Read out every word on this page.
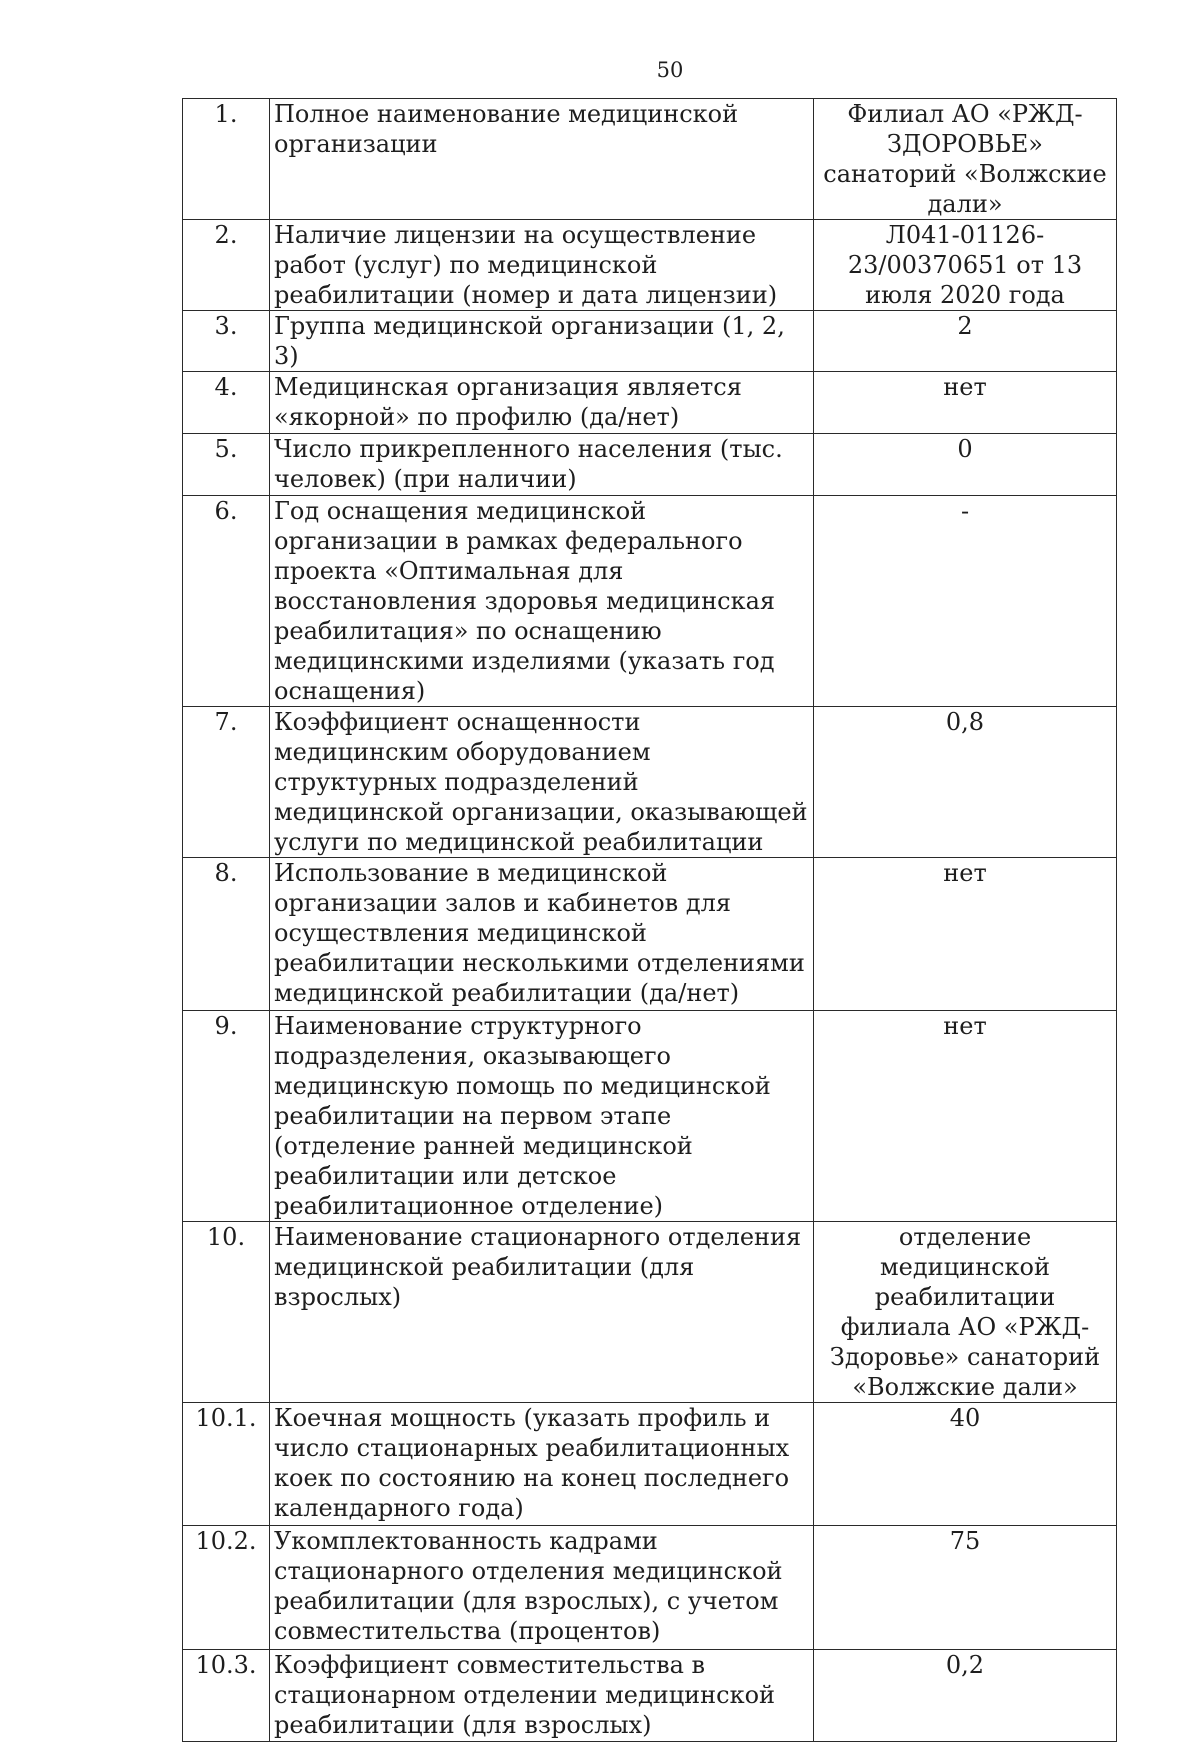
50
1.	Полное наименование медицинской организации	Филиал АО «РЖД-ЗДОРОВЬЕ» санаторий «Волжские дали»
2.	Наличие лицензии на осуществление работ (услуг) по медицинской реабилитации (номер и дата лицензии)	Л041-01126-23/00370651 от 13 июля 2020 года
3.	Группа медицинской организации (1, 2, 3)	2
4.	Медицинская организация является «якорной» по профилю (да/нет)	нет
5.	Число прикрепленного населения (тыс. человек) (при наличии)	0
6.	Год оснащения медицинской организации в рамках федерального проекта «Оптимальная для восстановления здоровья медицинская реабилитация» по оснащению медицинскими изделиями (указать год оснащения)	-
7.	Коэффициент оснащенности медицинским оборудованием структурных подразделений медицинской организации, оказывающей услуги по медицинской реабилитации	0,8
8.	Использование в медицинской организации залов и кабинетов для осуществления медицинской реабилитации несколькими отделениями медицинской реабилитации (да/нет)	нет
9.	Наименование структурного подразделения, оказывающего медицинскую помощь по медицинской реабилитации на первом этапе (отделение ранней медицинской реабилитации или детское реабилитационное отделение)	нет
10.	Наименование стационарного отделения медицинской реабилитации (для взрослых)	отделение медицинской реабилитации филиала АО «РЖД-Здоровье» санаторий «Волжские дали»
10.1.	Коечная мощность (указать профиль и число стационарных реабилитационных коек по состоянию на конец последнего календарного года)	40
10.2.	Укомплектованность кадрами стационарного отделения медицинской реабилитации (для взрослых), с учетом совместительства (процентов)	75
10.3.	Коэффициент совместительства в стационарном отделении медицинской реабилитации (для взрослых)	0,2
